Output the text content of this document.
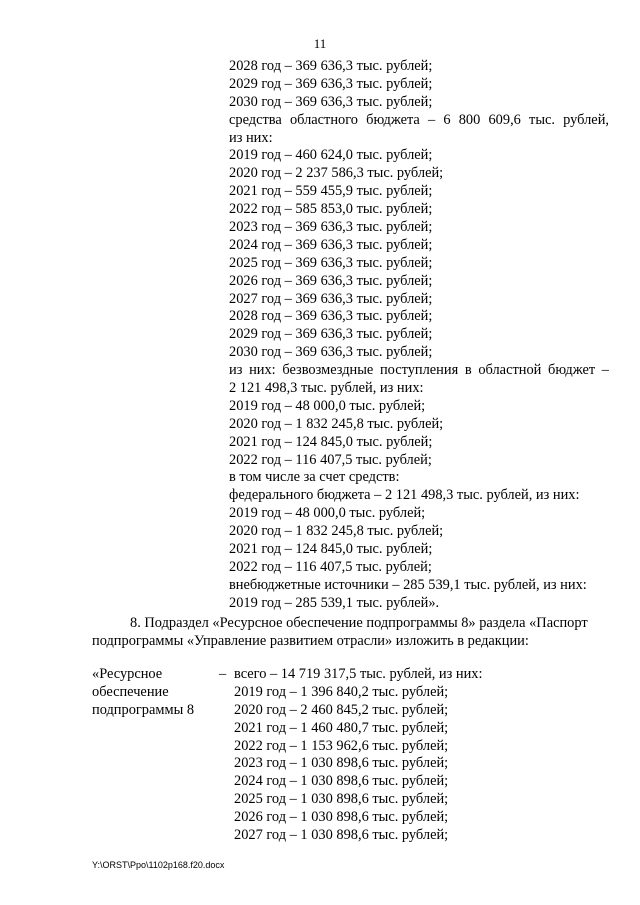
11
2028 год – 369 636,3 тыс. рублей;
2029 год – 369 636,3 тыс. рублей;
2030 год – 369 636,3 тыс. рублей;
средства областного бюджета – 6 800 609,6 тыс. рублей,
из них:
2019 год – 460 624,0 тыс. рублей;
2020 год – 2 237 586,3 тыс. рублей;
2021 год – 559 455,9 тыс. рублей;
2022 год – 585 853,0 тыс. рублей;
2023 год – 369 636,3 тыс. рублей;
2024 год – 369 636,3 тыс. рублей;
2025 год – 369 636,3 тыс. рублей;
2026 год – 369 636,3 тыс. рублей;
2027 год – 369 636,3 тыс. рублей;
2028 год – 369 636,3 тыс. рублей;
2029 год – 369 636,3 тыс. рублей;
2030 год – 369 636,3 тыс. рублей;
из них: безвозмездные поступления в областной бюджет –
2 121 498,3 тыс. рублей, из них:
2019 год – 48 000,0 тыс. рублей;
2020 год – 1 832 245,8 тыс. рублей;
2021 год – 124 845,0 тыс. рублей;
2022 год – 116 407,5 тыс. рублей;
в том числе за счет средств:
федерального бюджета – 2 121 498,3 тыс. рублей, из них:
2019 год – 48 000,0 тыс. рублей;
2020 год – 1 832 245,8 тыс. рублей;
2021 год – 124 845,0 тыс. рублей;
2022 год – 116 407,5 тыс. рублей;
внебюджетные источники – 285 539,1 тыс. рублей, из них:
2019 год – 285 539,1 тыс. рублей».
8. Подраздел «Ресурсное обеспечение подпрограммы 8» раздела «Паспорт
подпрограммы «Управление развитием отрасли» изложить в редакции:
«Ресурсное
обеспечение
подпрограммы 8
– всего – 14 719 317,5 тыс. рублей, из них:
2019 год – 1 396 840,2 тыс. рублей;
2020 год – 2 460 845,2 тыс. рублей;
2021 год – 1 460 480,7 тыс. рублей;
2022 год – 1 153 962,6 тыс. рублей;
2023 год – 1 030 898,6 тыс. рублей;
2024 год – 1 030 898,6 тыс. рублей;
2025 год – 1 030 898,6 тыс. рублей;
2026 год – 1 030 898,6 тыс. рублей;
2027 год – 1 030 898,6 тыс. рублей;
Y:\ORST\Ppo\1102p168.f20.docx
